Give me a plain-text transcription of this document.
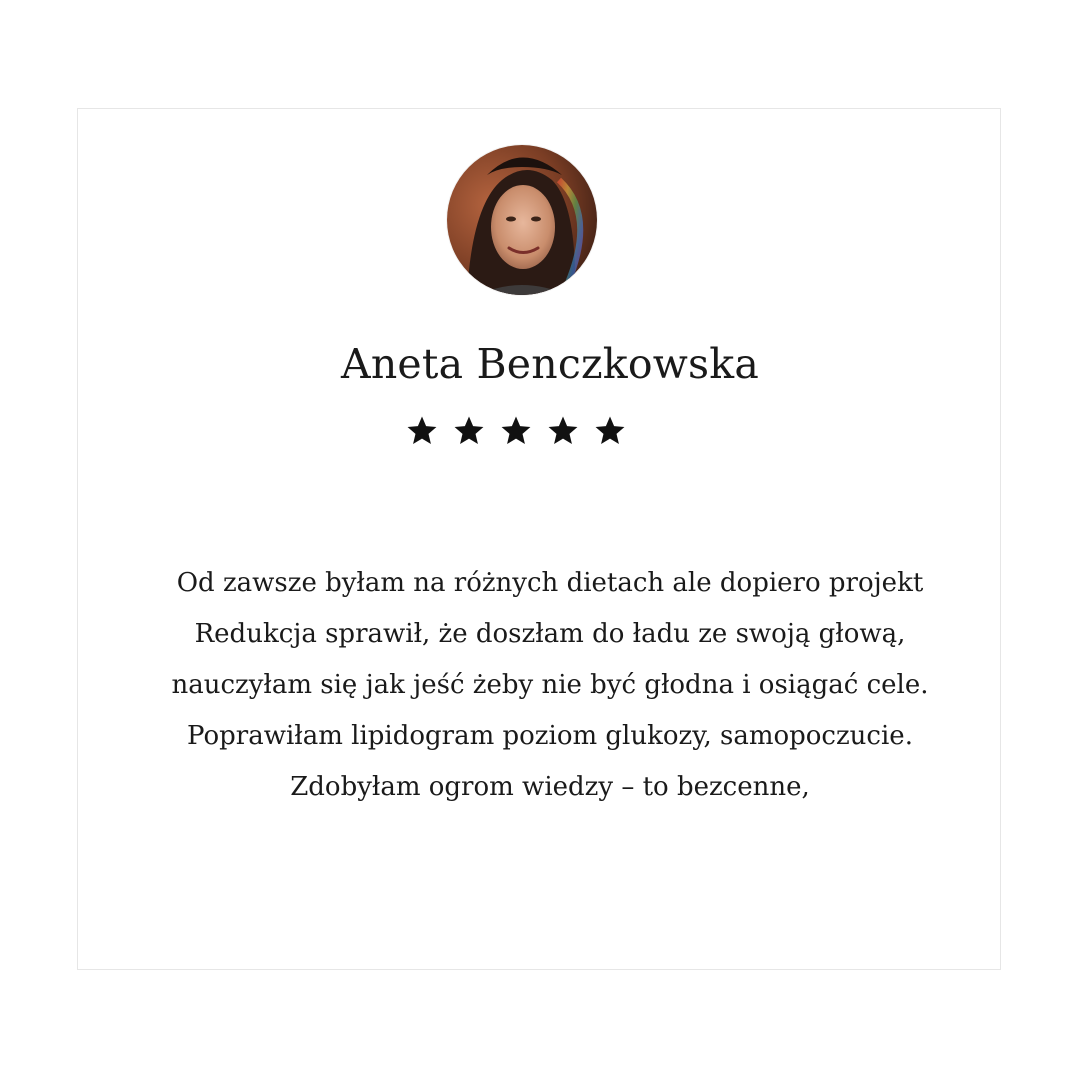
Aneta Benczkowska

Od zawsze byłam na różnych dietach ale dopiero projekt
Redukcja sprawił, że doszłam do ładu ze swoją głową,
nauczyłam się jak jeść żeby nie być głodna i osiągać cele.
Poprawiłam lipidogram poziom glukozy, samopoczucie.
Zdobyłam ogrom wiedzy – to bezcenne,
